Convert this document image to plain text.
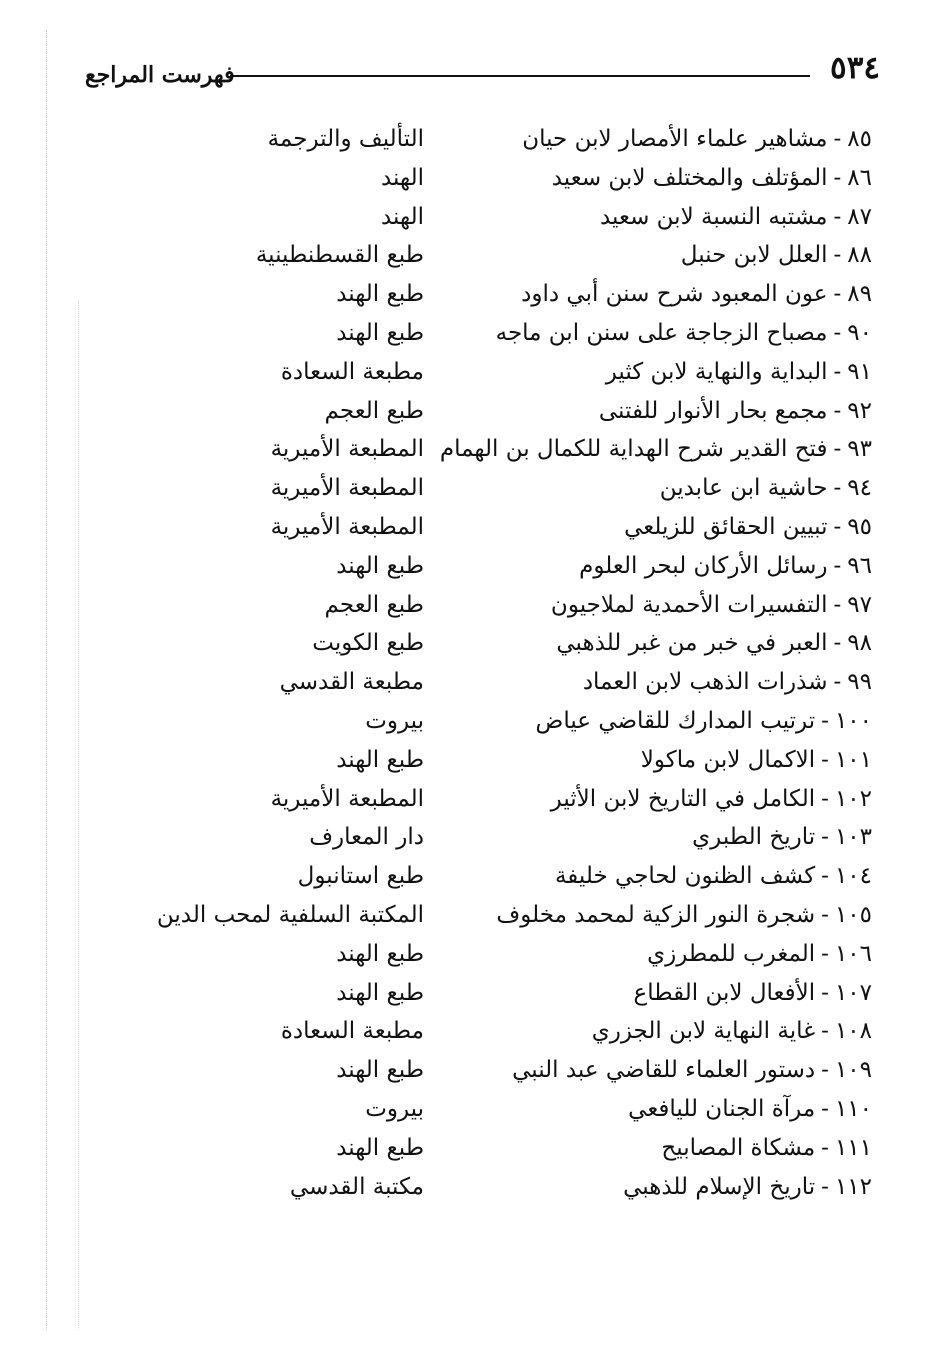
٥٣٤
فهرست المراجع
٨٥-مشاهير علماء الأمصار لابن حيان
التأليف والترجمة
٨٦-المؤتلف والمختلف لابن سعيد
الهند
٨٧-مشتبه النسبة لابن سعيد
الهند
٨٨-العلل لابن حنبل
طبع القسطنطينية
٨٩-عون المعبود شرح سنن أبي داود
طبع الهند
٩٠-مصباح الزجاجة على سنن ابن ماجه
طبع الهند
٩١-البداية والنهاية لابن كثير
مطبعة السعادة
٩٢-مجمع بحار الأنوار للفتنى
طبع العجم
٩٣-فتح القدير شرح الهداية للكمال بن الهمام
المطبعة الأميرية
٩٤-حاشية ابن عابدين
المطبعة الأميرية
٩٥-تبيين الحقائق للزيلعي
المطبعة الأميرية
٩٦-رسائل الأركان لبحر العلوم
طبع الهند
٩٧-التفسيرات الأحمدية لملاجيون
طبع العجم
٩٨-العبر في خبر من غبر للذهبي
طبع الكويت
٩٩-شذرات الذهب لابن العماد
مطبعة القدسي
١٠٠-ترتيب المدارك للقاضي عياض
بيروت
١٠١-الاكمال لابن ماكولا
طبع الهند
١٠٢-الكامل في التاريخ لابن الأثير
المطبعة الأميرية
١٠٣-تاريخ الطبري
دار المعارف
١٠٤-كشف الظنون لحاجي خليفة
طبع استانبول
١٠٥-شجرة النور الزكية لمحمد مخلوف
المكتبة السلفية لمحب الدين
١٠٦-المغرب للمطرزي
طبع الهند
١٠٧-الأفعال لابن القطاع
طبع الهند
١٠٨-غاية النهاية لابن الجزري
مطبعة السعادة
١٠٩-دستور العلماء للقاضي عبد النبي
طبع الهند
١١٠-مرآة الجنان لليافعي
بيروت
١١١-مشكاة المصابيح
طبع الهند
١١٢-تاريخ الإسلام للذهبي
مكتبة القدسي
